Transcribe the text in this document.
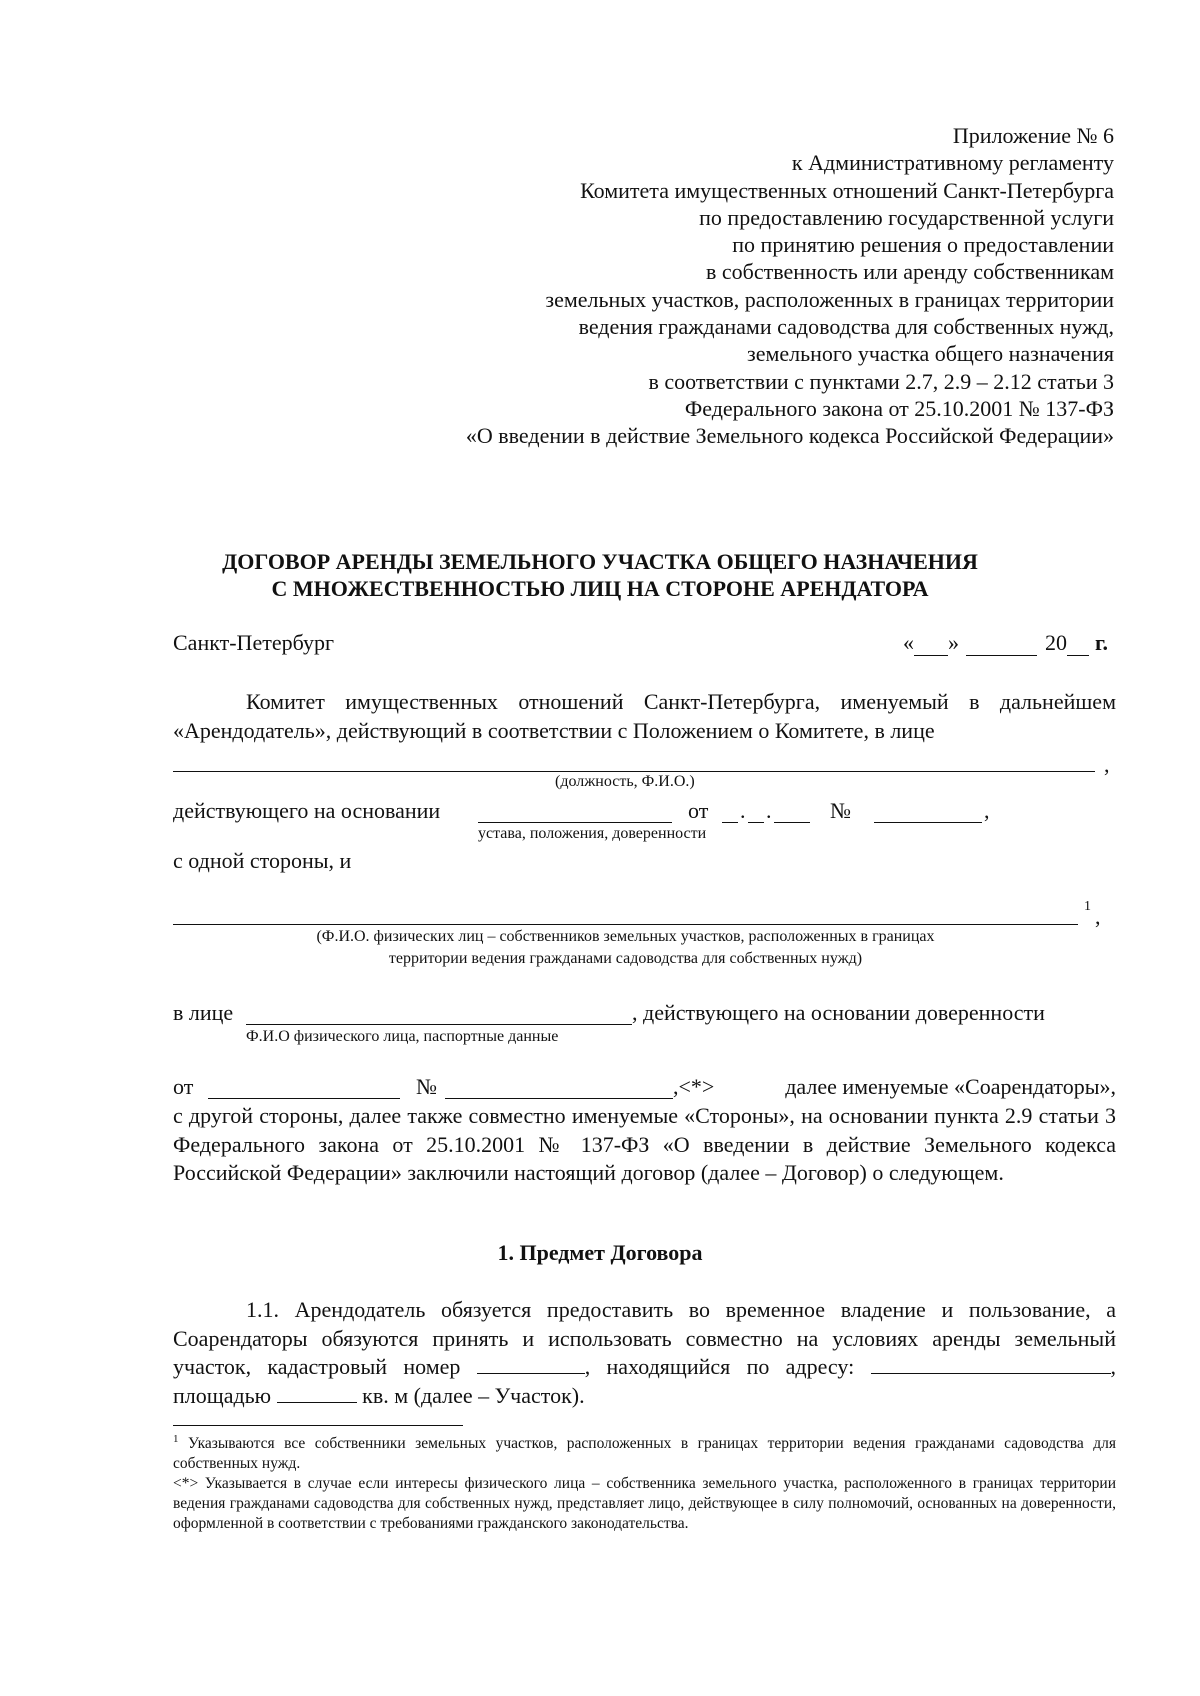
Приложение № 6
к Административному регламенту
Комитета имущественных отношений Санкт-Петербурга
по предоставлению государственной услуги
по принятию решения о предоставлении
в собственность или аренду собственникам
земельных участков, расположенных в границах территории
ведения гражданами садоводства для собственных нужд,
земельного участка общего назначения
в соответствии с пунктами 2.7, 2.9 – 2.12 статьи 3
Федерального закона от 25.10.2001 № 137-ФЗ
«О введении в действие Земельного кодекса Российской Федерации»
ДОГОВОР АРЕНДЫ ЗЕМЕЛЬНОГО УЧАСТКА ОБЩЕГО НАЗНАЧЕНИЯ
С МНОЖЕСТВЕННОСТЬЮ ЛИЦ НА СТОРОНЕ АРЕНДАТОРА
Санкт-Петербург	« »	20 г.
Комитет имущественных отношений Санкт-Петербурга, именуемый в дальнейшем «Арендодатель», действующий в соответствии с Положением о Комитете, в лице
,
(должность, Ф.И.О.)
действующего на основании	от . .	№	,
устава, положения, доверенности
с одной стороны, и
1 ,
(Ф.И.О. физических лиц – собственников земельных участков, расположенных в границах
территории ведения гражданами садоводства для собственных нужд)
в лице	, действующего на основании доверенности
Ф.И.О физического лица, паспортные данные
от	№	,<*>	далее именуемые «Соарендаторы»,
с другой стороны, далее также совместно именуемые «Стороны», на основании пункта 2.9 статьи 3 Федерального закона от 25.10.2001 № 137-ФЗ «О введении в действие Земельного кодекса Российской Федерации» заключили настоящий договор (далее – Договор) о следующем.
1. Предмет Договора
1.1. Арендодатель обязуется предоставить во временное владение и пользование, а Соарендаторы обязуются принять и использовать совместно на условиях аренды земельный участок, кадастровый номер	, находящийся по адресу:	, площадью	кв. м (далее – Участок).
$^1$ Указываются все собственники земельных участков, расположенных в границах территории ведения гражданами садоводства для собственных нужд.
<*> Указывается в случае если интересы физического лица – собственника земельного участка, расположенного в границах территории ведения гражданами садоводства для собственных нужд, представляет лицо, действующее в силу полномочий, основанных на доверенности, оформленной в соответствии с требованиями гражданского законодательства.
